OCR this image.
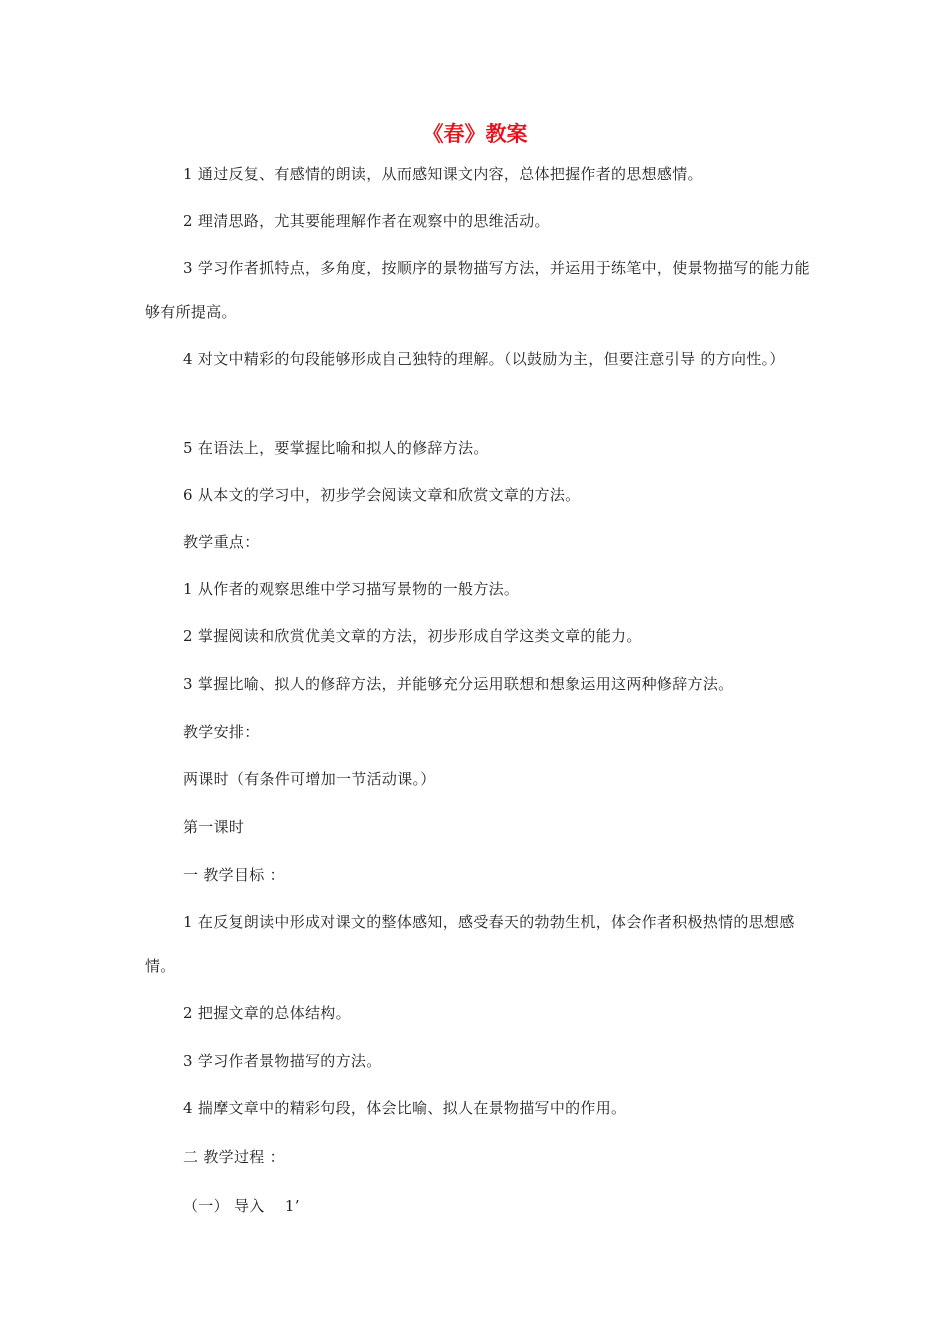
《春》教案

1 通过反复、有感情的朗读，从而感知课文内容，总体把握作者的思想感情。

2 理清思路，尤其要能理解作者在观察中的思维活动。

3 学习作者抓特点，多角度，按顺序的景物描写方法，并运用于练笔中，使景物描写的能力能够有所提高。

4 对文中精彩的句段能够形成自己独特的理解。（以鼓励为主，但要注意引导 的方向性。）

5 在语法上，要掌握比喻和拟人的修辞方法。

6 从本文的学习中，初步学会阅读文章和欣赏文章的方法。

教学重点：

1 从作者的观察思维中学习描写景物的一般方法。

2 掌握阅读和欣赏优美文章的方法，初步形成自学这类文章的能力。

3 掌握比喻、拟人的修辞方法，并能够充分运用联想和想象运用这两种修辞方法。

教学安排：

两课时（有条件可增加一节活动课。）

第一课时

一 教学目标 ：

1 在反复朗读中形成对课文的整体感知，感受春天的勃勃生机，体会作者积极热情的思想感情。

2 把握文章的总体结构。

3 学习作者景物描写的方法。

4 揣摩文章中的精彩句段，体会比喻、拟人在景物描写中的作用。

二 教学过程 ：

（一） 导入　 1’
